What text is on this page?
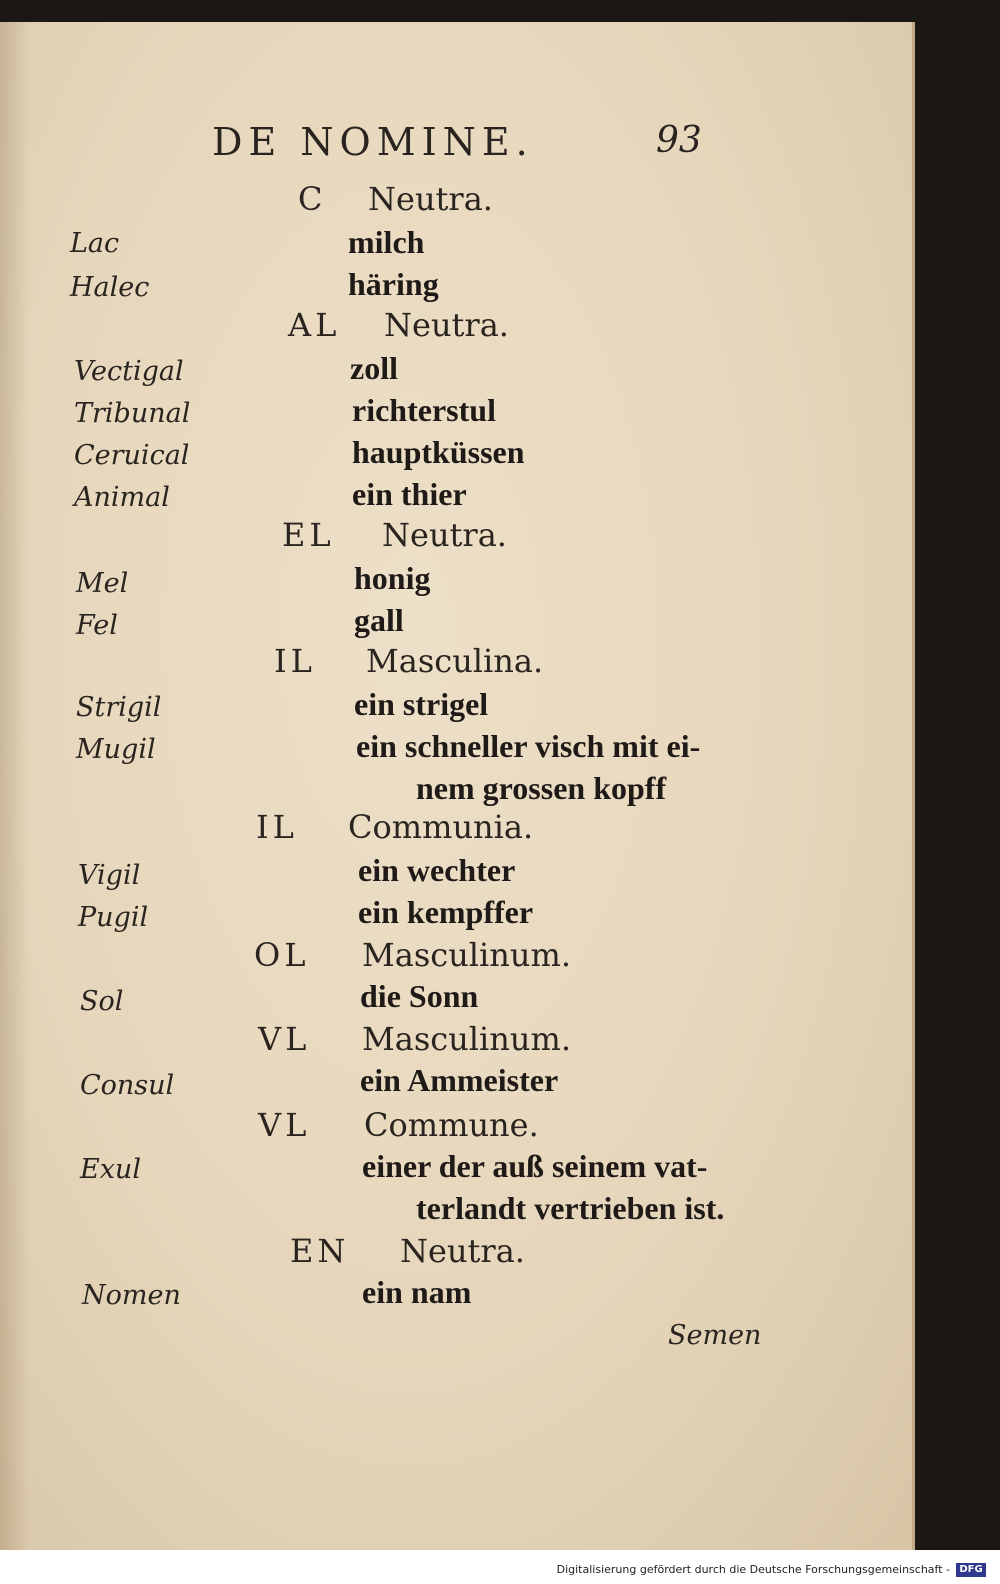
DE NOMINE.	93
C Neutra.
Lac	milch
Halec	häring
AL Neutra.
Vectigal	zoll
Tribunal	richterstul
Ceruical	hauptküssen
Animal	ein thier
EL Neutra.
Mel	honig
Fel	gall
IL Masculina.
Strigil	ein strigel
Mugil	ein schneller visch mit ei-
nem grossen kopff
IL Communia.
Vigil	ein wechter
Pugil	ein kempffer
OL Masculinum.
Sol	die Sonn
VL Masculinum.
Consul	ein Ammeister
VL Commune.
Exul	einer der auß seinem vat-
terlandt vertrieben ist.
EN Neutra.
Nomen	ein nam
Semen
Digitalisierung gefördert durch die Deutsche Forschungsgemeinschaft - DFG
